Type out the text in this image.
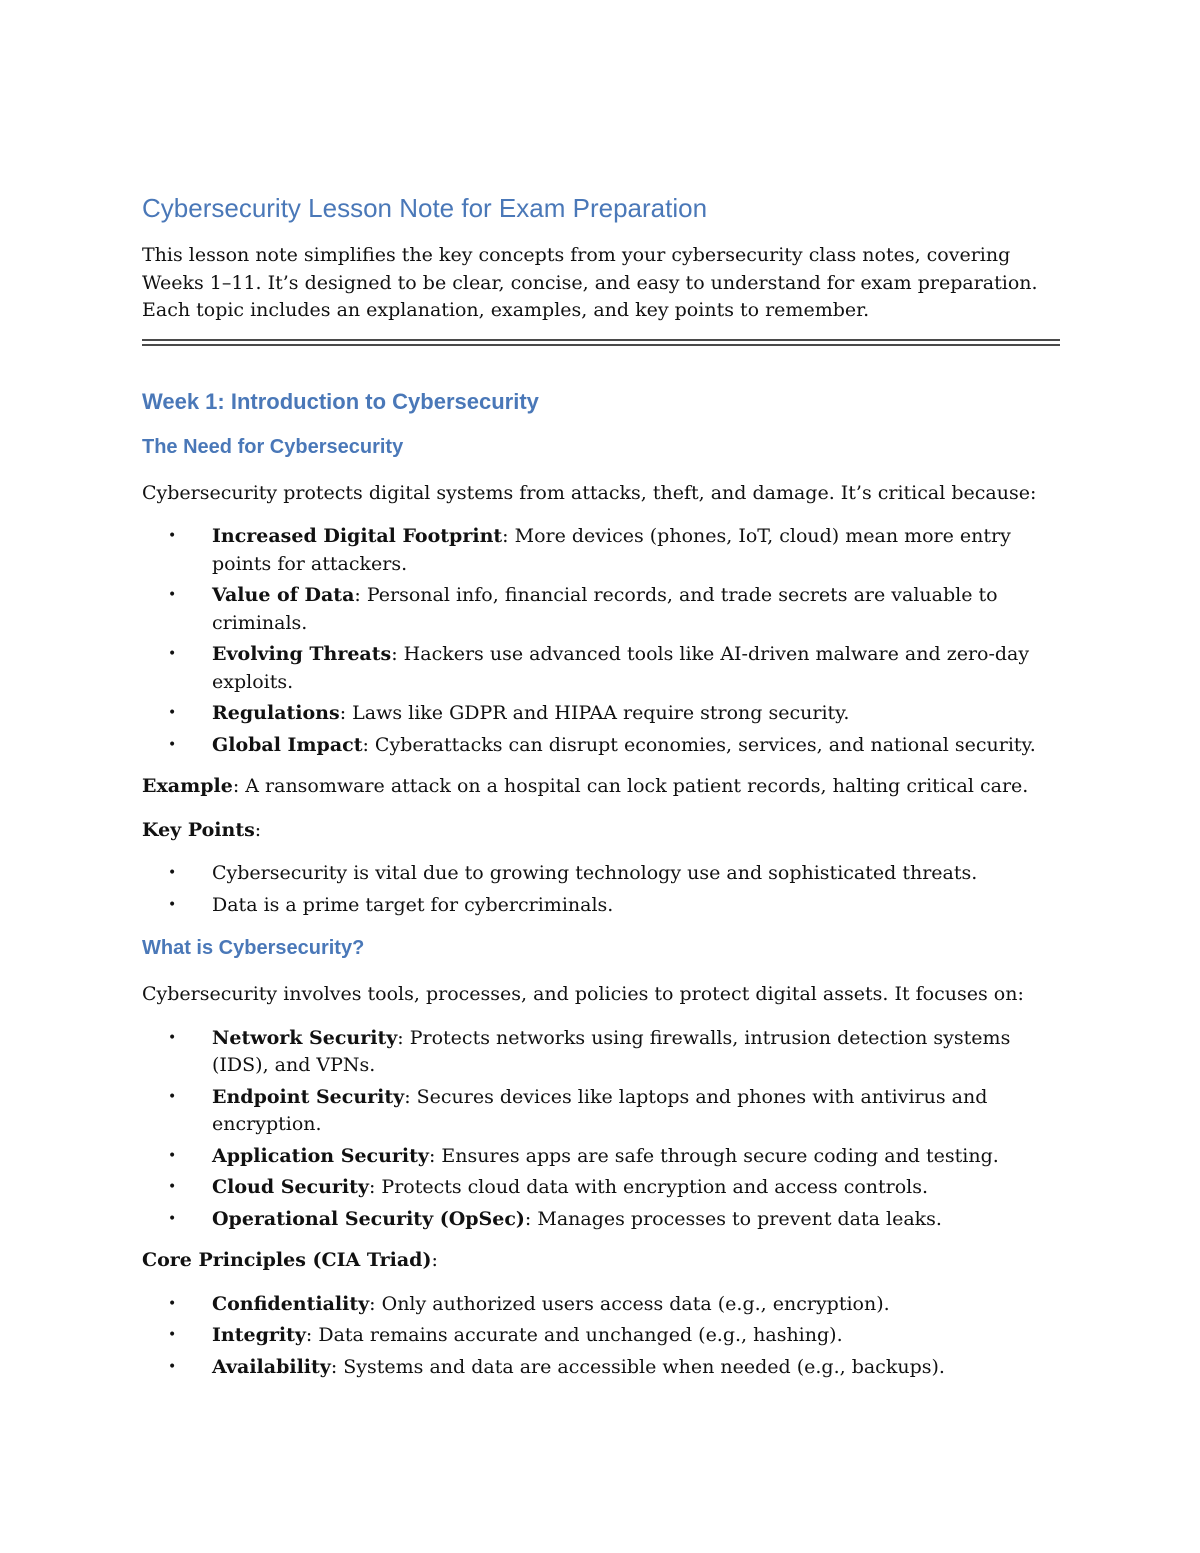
Cybersecurity Lesson Note for Exam Preparation

This lesson note simplifies the key concepts from your cybersecurity class notes, covering Weeks 1–11. It’s designed to be clear, concise, and easy to understand for exam preparation. Each topic includes an explanation, examples, and key points to remember.

Week 1: Introduction to Cybersecurity
The Need for Cybersecurity

Cybersecurity protects digital systems from attacks, theft, and damage. It’s critical because:

• Increased Digital Footprint: More devices (phones, IoT, cloud) mean more entry points for attackers.
• Value of Data: Personal info, financial records, and trade secrets are valuable to criminals.
• Evolving Threats: Hackers use advanced tools like AI-driven malware and zero-day exploits.
• Regulations: Laws like GDPR and HIPAA require strong security.
• Global Impact: Cyberattacks can disrupt economies, services, and national security.

Example: A ransomware attack on a hospital can lock patient records, halting critical care.

Key Points:

• Cybersecurity is vital due to growing technology use and sophisticated threats.
• Data is a prime target for cybercriminals.
What is Cybersecurity?

Cybersecurity involves tools, processes, and policies to protect digital assets. It focuses on:

• Network Security: Protects networks using firewalls, intrusion detection systems (IDS), and VPNs.
• Endpoint Security: Secures devices like laptops and phones with antivirus and encryption.
• Application Security: Ensures apps are safe through secure coding and testing.
• Cloud Security: Protects cloud data with encryption and access controls.
• Operational Security (OpSec): Manages processes to prevent data leaks.

Core Principles (CIA Triad):

• Confidentiality: Only authorized users access data (e.g., encryption).
• Integrity: Data remains accurate and unchanged (e.g., hashing).
• Availability: Systems and data are accessible when needed (e.g., backups).
